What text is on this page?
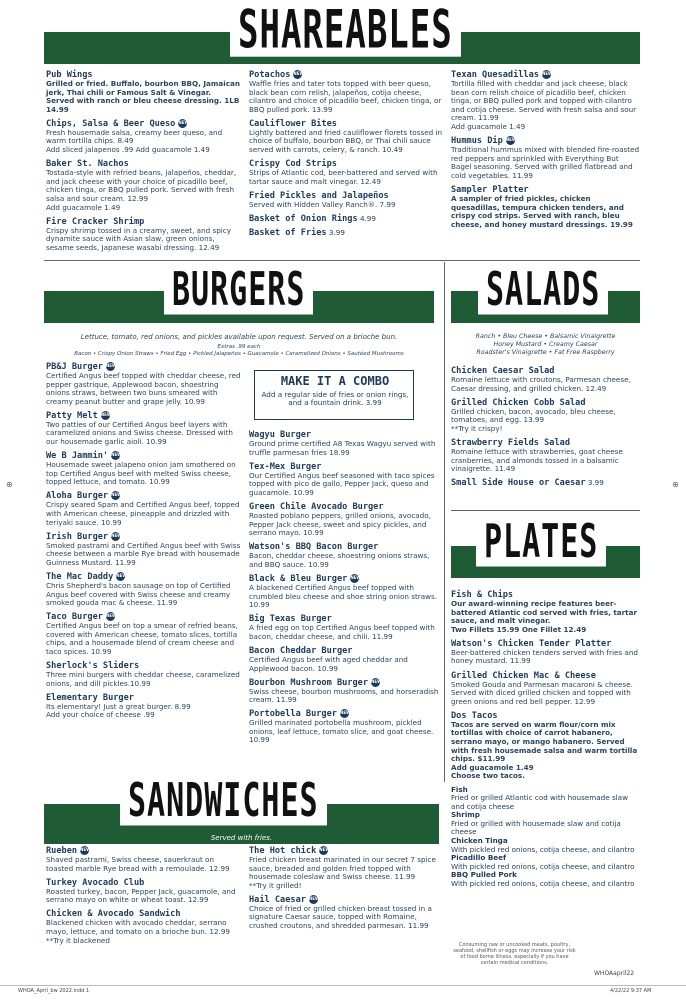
SHAREABLES
Pub Wings
Grilled or fried. Buffalo, bourbon BBQ, Jamaican jerk, Thai chili or Famous Salt & Vinegar. Served with ranch or bleu cheese dressing. 1LB 14.99
Chips, Salsa & Beer Queso NEW
Fresh housemade salsa, creamy beer queso, and warm tortilla chips. 8.49
Add sliced jalapenos .99 Add guacamole 1.49
Baker St. Nachos
Tostada-style with refried beans, jalapeños, cheddar, and jack cheese with your choice of picadillo beef, chicken tinga, or BBQ pulled pork. Served with fresh salsa and sour cream. 12.99
Add guacamole 1.49
Fire Cracker Shrimp
Crispy shrimp tossed in a creamy, sweet, and spicy dynamite sauce with Asian slaw, green onions, sesame seeds, Japanese wasabi dressing. 12.49
Potachos NEW
Waffle fries and tater tots topped with beer queso, black bean corn relish, jalapeños, cotija cheese, cilantro and choice of picadillo beef, chicken tinga, or BBQ pulled pork. 13.99
Cauliflower Bites
Lightly battered and fried cauliflower florets tossed in choice of buffalo, bourbon BBQ, or Thai chili sauce served with carrots, celery, & ranch. 10.49
Crispy Cod Strips
Strips of Atlantic cod, beer-battered and served with tartar sauce and malt vinegar. 12.49
Fried Pickles and Jalapeños
Served with Hidden Valley Ranch®. 7.99
Basket of Onion Rings 4.99
Basket of Fries 3.99
Texan Quesadillas NEW
Tortilla filled with cheddar and jack cheese, black bean corn relish choice of picadillo beef, chicken tinga, or BBQ pulled pork and topped with cilantro and cotija cheese. Served with fresh salsa and sour cream. 11.99
Add guacamole 1.49
Hummus Dip NEW
Traditional hummus mixed with blended fire-roasted red peppers and sprinkled with Everything But Bagel seasoning. Served with grilled flatbread and cold vegetables. 11.99
Sampler Platter
A sampler of fried pickles, chicken quesadillas, tempura chicken tenders, and crispy cod strips. Served with ranch, bleu cheese, and honey mustard dressings. 19.99
BURGERS
Lettuce, tomato, red onions, and pickles available upon request. Served on a brioche bun.
Extras .99 each
Bacon • Crispy Onion Straws • Fried Egg • Pickled Jalapeños • Guacamole • Caramelized Onions • Sautéed Mushrooms
PB&J Burger NEW
Certified Angus beef topped with cheddar cheese, red pepper gastrique, Applewood bacon, shoestring onions straws, between two buns smeared with creamy peanut butter and grape jelly. 10.99
Patty Melt NEW
Two patties of our Certified Angus beef layers with caramelized onions and Swiss cheese. Dressed with our housemade garlic aioli. 10.99
We B Jammin' NEW
Housemade sweet jalapeno onion jam smothered on top Certified Angus beef with melted Swiss cheese, topped lettuce, and tomato. 10.99
Aloha Burger NEW
Crispy seared Spam and Certified Angus beef, topped with American cheese, pineapple and drizzled with teriyaki sauce. 10.99
Irish Burger NEW
Smoked pastrami and Certified Angus beef with Swiss cheese between a marble Rye bread with housemade Guinness Mustard. 11.99
The Mac Daddy NEW
Chris Shepherd's bacon sausage on top of Certified Angus beef covered with Swiss cheese and creamy smoked gouda mac & cheese. 11.99
Taco Burger NEW
Certified Angus beef on top a smear of refried beans, covered with American cheese, tomato slices, tortilla chips, and a housemade blend of cream cheese and taco spices. 10.99
Sherlock's Sliders
Three mini burgers with cheddar cheese, caramelized onions, and dill pickles.10.99
Elementary Burger
Its elementary! Just a great burger. 8.99
Add your choice of cheese .99
MAKE IT A COMBO
Add a regular side of fries or onion rings, and a fountain drink. 3.99
Wagyu Burger
Ground prime certified A8 Texas Wagyu served with truffle parmesan fries 18.99
Tex-Mex Burger
Our Certified Angus beef seasoned with taco spices topped with pico de gallo, Pepper Jack, queso and guacamole. 10.99
Green Chile Avocado Burger
Roasted poblano peppers, grilled onions, avocado, Pepper Jack cheese, sweet and spicy pickles, and serrano mayo. 10.99
Watson's BBQ Bacon Burger
Bacon, cheddar cheese, shoestring onions straws, and BBQ sauce. 10.99
Black & Bleu Burger NEW
A blackened Certified Angus beef topped with crumbled bleu cheese and shoe string onion straws. 10.99
Big Texas Burger
A fried egg on top Certified Angus beef topped with bacon, cheddar cheese, and chili. 11.99
Bacon Cheddar Burger
Certified Angus beef with aged cheddar and Applewood bacon. 10.99
Bourbon Mushroom Burger NEW
Swiss cheese, bourbon mushrooms, and horseradish cream. 11.99
Portobella Burger NEW
Grilled marinated portobella mushroom, pickled onions, leaf lettuce, tomato slice, and goat cheese. 10.99
SALADS
Ranch • Bleu Cheese • Balsamic Vinaigrette
Honey Mustard • Creamy Caesar
Roadster's Vinaigrette • Fat Free Raspberry
Chicken Caesar Salad
Romaine lettuce with croutons, Parmesan cheese, Caesar dressing, and grilled chicken. 12.49
Grilled Chicken Cobb Salad
Grilled chicken, bacon, avocado, bleu cheese, tomatoes, and egg. 13.99
**Try it crispy!
Strawberry Fields Salad
Romaine lettuce with strawberries, goat cheese cranberries, and almonds tossed in a balsamic vinaigrette. 11.49
Small Side House or Caesar 3.99
PLATES
Fish & Chips
Our award-winning recipe features beer-battered Atlantic cod served with fries, tartar sauce, and malt vinegar.
Two Fillets 15.99 One Fillet 12.49
Watson's Chicken Tender Platter
Beer-battered chicken tenders served with fries and honey mustard. 11.99
Grilled Chicken Mac & Cheese
Smoked Gouda and Parmesan macaroni & cheese. Served with diced grilled chicken and topped with green onions and red bell pepper. 12.99
Dos Tacos
Tacos are served on warm flour/corn mix tortillas with choice of carrot habanero, serrano mayo, or mango habanero. Served with fresh housemade salsa and warm tortilla chips. $11.99
Add guacamole 1.49
Choose two tacos.
Fish
Fried or grilled Atlantic cod with housemade slaw and cotija cheese
Shrimp
Fried or grilled with housemade slaw and cotija cheese
Chicken Tinga
With pickled red onions, cotija cheese, and cilantro
Picadillo Beef
With pickled red onions, cotija cheese, and cilantro
BBQ Pulled Pork
With pickled red onions, cotija cheese, and cilantro
SANDWICHES
Served with fries.
Rueben NEW
Shaved pastrami, Swiss cheese, sauerkraut on toasted marble Rye bread with a remoulade. 12.99
Turkey Avocado Club
Roasted turkey, bacon, Pepper Jack, guacamole, and serrano mayo on white or wheat toast. 12.99
Chicken & Avocado Sandwich
Blackened chicken with avocado cheddar, serrano mayo, lettuce, and tomato on a brioche bun. 12.99
**Try it blackened
The Hot chick NEW
Fried chicken breast marinated in our secret 7 spice sauce, breaded and golden fried topped with housemade coleslaw and Swiss cheese. 11.99
**Try it grilled!
Hail Caesar NEW
Choice of fried or grilled chicken breast tossed in a signature Caesar sauce, topped with Romaine, crushed croutons, and shredded parmesan. 11.99
Consuming raw or uncooked meats, poultry, seafood, shellfish or eggs may increase your risk of food borne illness, especially if you have certain medical conditions.
WHOAapril22
WHOA_April_bw 2022.indd 1	4/22/22 9:37 AM
⊕	⊕
